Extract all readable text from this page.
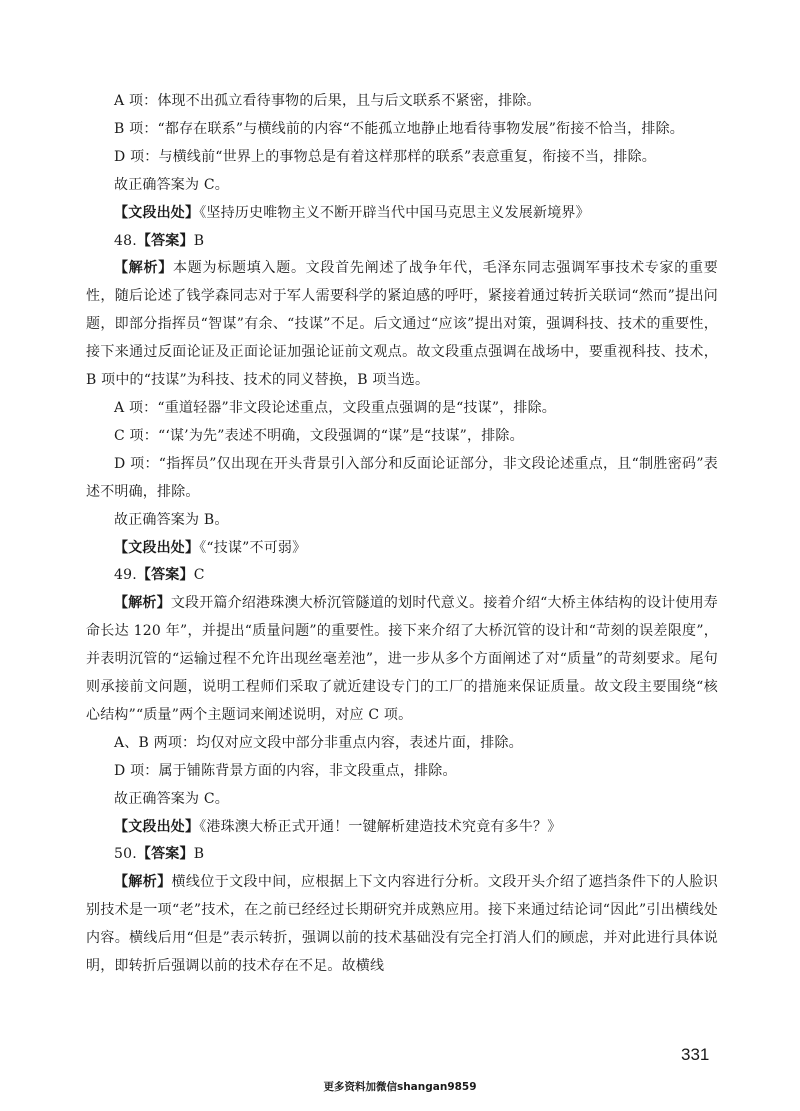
A 项：体现不出孤立看待事物的后果，且与后文联系不紧密，排除。

B 项：“都存在联系”与横线前的内容“不能孤立地静止地看待事物发展”衔接不恰当，排除。

D 项：与横线前“世界上的事物总是有着这样那样的联系”表意重复，衔接不当，排除。

故正确答案为 C。

【文段出处】《坚持历史唯物主义不断开辟当代中国马克思主义发展新境界》

48.【答案】B

【解析】本题为标题填入题。文段首先阐述了战争年代，毛泽东同志强调军事技术专家的重要性，随后论述了钱学森同志对于军人需要科学的紧迫感的呼吁，紧接着通过转折关联词“然而”提出问题，即部分指挥员“智谋”有余、“技谋”不足。后文通过“应该”提出对策，强调科技、技术的重要性，接下来通过反面论证及正面论证加强论证前文观点。故文段重点强调在战场中，要重视科技、技术，B 项中的“技谋”为科技、技术的同义替换，B 项当选。

A 项：“重道轻器”非文段论述重点，文段重点强调的是“技谋”，排除。

C 项：“‘谋’为先”表述不明确，文段强调的“谋”是“技谋”，排除。

D 项：“指挥员”仅出现在开头背景引入部分和反面论证部分，非文段论述重点，且“制胜密码”表述不明确，排除。

故正确答案为 B。

【文段出处】《“技谋”不可弱》

49.【答案】C

【解析】文段开篇介绍港珠澳大桥沉管隧道的划时代意义。接着介绍“大桥主体结构的设计使用寿命长达 120 年”，并提出“质量问题”的重要性。接下来介绍了大桥沉管的设计和“苛刻的误差限度”，并表明沉管的“运输过程不允许出现丝毫差池”，进一步从多个方面阐述了对“质量”的苛刻要求。尾句则承接前文问题，说明工程师们采取了就近建设专门的工厂的措施来保证质量。故文段主要围绕“核心结构”“质量”两个主题词来阐述说明，对应 C 项。

A、B 两项：均仅对应文段中部分非重点内容，表述片面，排除。

D 项：属于铺陈背景方面的内容，非文段重点，排除。

故正确答案为 C。

【文段出处】《港珠澳大桥正式开通！一键解析建造技术究竟有多牛？》

50.【答案】B

【解析】横线位于文段中间，应根据上下文内容进行分析。文段开头介绍了遮挡条件下的人脸识别技术是一项“老”技术，在之前已经经过长期研究并成熟应用。接下来通过结论词“因此”引出横线处内容。横线后用“但是”表示转折，强调以前的技术基础没有完全打消人们的顾虑，并对此进行具体说明，即转折后强调以前的技术存在不足。故横线

331
更多资料加微信shangan9859
